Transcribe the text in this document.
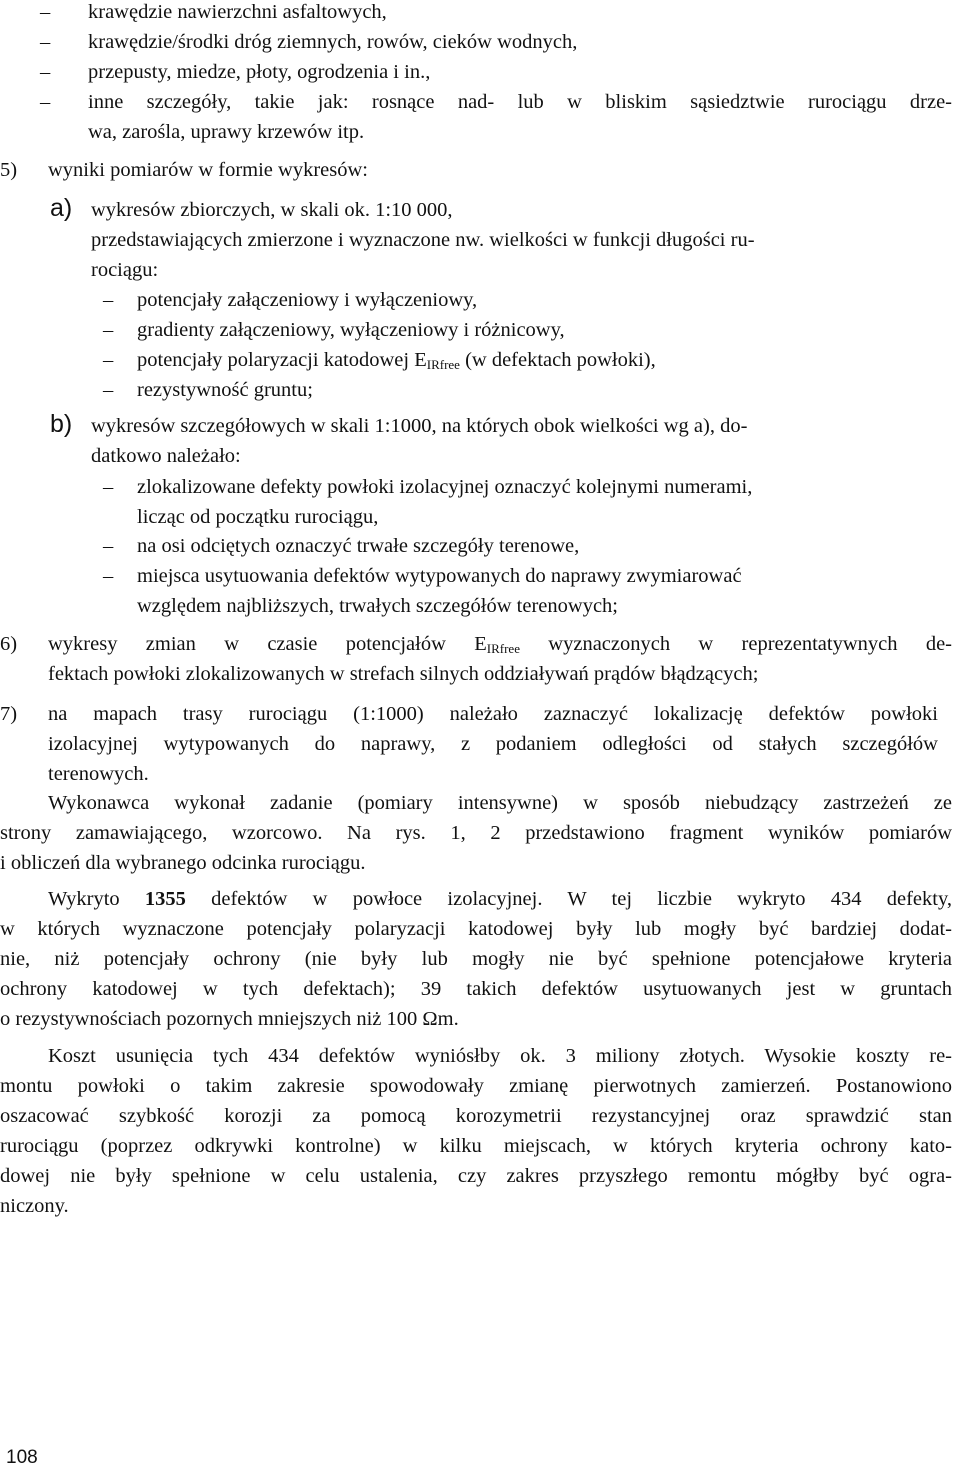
– krawędzie nawierzchni asfaltowych,
– krawędzie/środki dróg ziemnych, rowów, cieków wodnych,
– przepusty, miedze, płoty, ogrodzenia i in.,
– inne szczegóły, takie jak: rosnące nad- lub w bliskim sąsiedztwie rurociągu drze-
wa, zarośla, uprawy krzewów itp.
5) wyniki pomiarów w formie wykresów:
a) wykresów zbiorczych, w skali ok. 1:10 000,
przedstawiających zmierzone i wyznaczone nw. wielkości w funkcji długości ru-
rociągu:
– potencjały załączeniowy i wyłączeniowy,
– gradienty załączeniowy, wyłączeniowy i różnicowy,
– potencjały polaryzacji katodowej $E_{IRfree}$ (w defektach powłoki),
– rezystywność gruntu;
b) wykresów szczegółowych w skali 1:1000, na których obok wielkości wg a), do-
datkowo należało:
– zlokalizowane defekty powłoki izolacyjnej oznaczyć kolejnymi numerami,
licząc od początku rurociągu,
– na osi odciętych oznaczyć trwałe szczegóły terenowe,
– miejsca usytuowania defektów wytypowanych do naprawy zwymiarować
względem najbliższych, trwałych szczegółów terenowych;
6) wykresy zmian w czasie potencjałów $E_{IRfree}$ wyznaczonych w reprezentatywnych de-
fektach powłoki zlokalizowanych w strefach silnych oddziaływań prądów błądzących;
7) na mapach trasy rurociągu (1:1000) należało zaznaczyć lokalizację defektów powłoki
izolacyjnej wytypowanych do naprawy, z podaniem odległości od stałych szczegółów
terenowych.
Wykonawca wykonał zadanie (pomiary intensywne) w sposób niebudzący zastrzeżeń ze
strony zamawiającego, wzorcowo. Na rys. 1, 2 przedstawiono fragment wyników pomiarów
i obliczeń dla wybranego odcinka rurociągu.
Wykryto 1355 defektów w powłoce izolacyjnej. W tej liczbie wykryto 434 defekty,
w których wyznaczone potencjały polaryzacji katodowej były lub mogły być bardziej dodat-
nie, niż potencjały ochrony (nie były lub mogły nie być spełnione potencjałowe kryteria
ochrony katodowej w tych defektach); 39 takich defektów usytuowanych jest w gruntach
o rezystywnościach pozornych mniejszych niż 100 Ωm.
Koszt usunięcia tych 434 defektów wyniósłby ok. 3 miliony złotych. Wysokie koszty re-
montu powłoki o takim zakresie spowodowały zmianę pierwotnych zamierzeń. Postanowiono
oszacować szybkość korozji za pomocą korozymetrii rezystancyjnej oraz sprawdzić stan
rurociągu (poprzez odkrywki kontrolne) w kilku miejscach, w których kryteria ochrony kato-
dowej nie były spełnione w celu ustalenia, czy zakres przyszłego remontu mógłby być ogra-
niczony.
108
